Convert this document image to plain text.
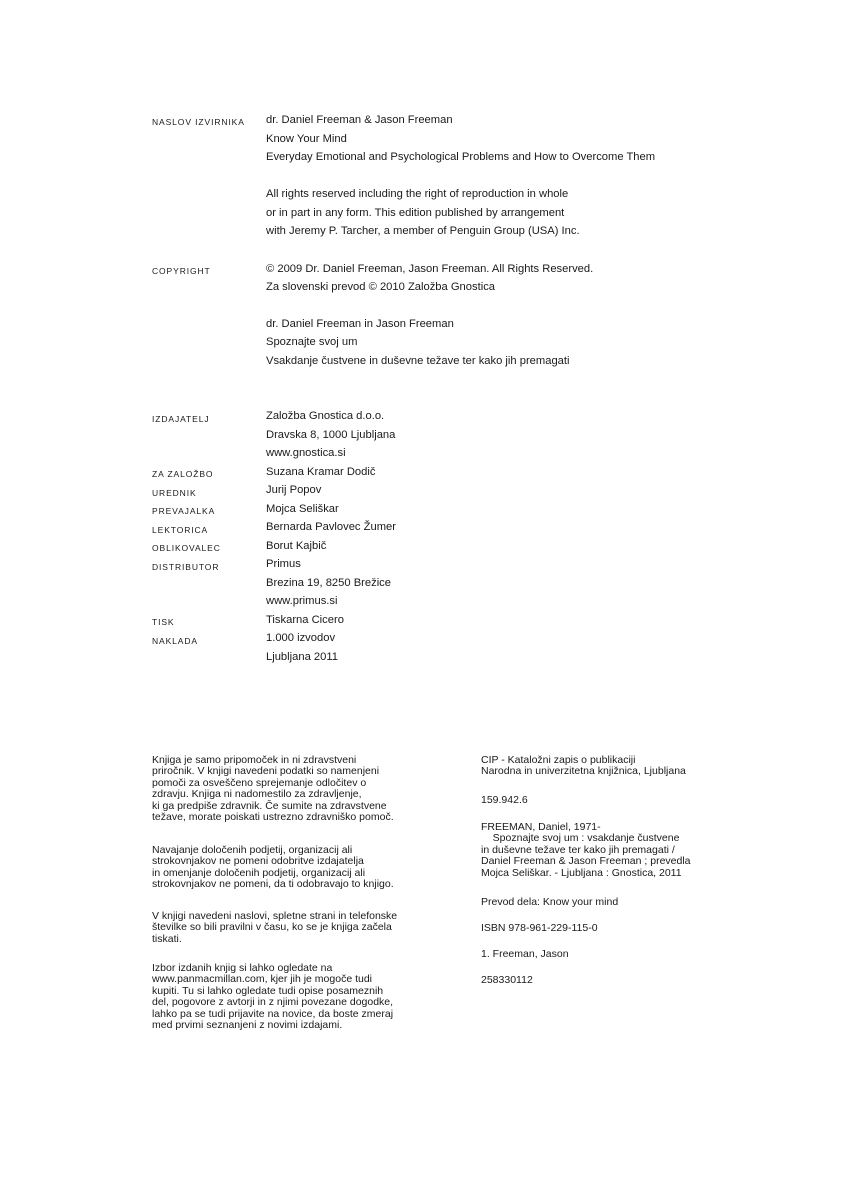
NASLOV IZVIRNIKA dr. Daniel Freeman & Jason Freeman
Know Your Mind
Everyday Emotional and Psychological Problems and How to Overcome Them
All rights reserved including the right of reproduction in whole
or in part in any form. This edition published by arrangement
with Jeremy P. Tarcher, a member of Penguin Group (USA) Inc.
COPYRIGHT	© 2009 Dr. Daniel Freeman, Jason Freeman. All Rights Reserved.
Za slovenski prevod © 2010 Založba Gnostica
dr. Daniel Freeman in Jason Freeman
Spoznajte svoj um
Vsakdanje čustvene in duševne težave ter kako jih premagati
IZDAJATELJ	Založba Gnostica d.o.o.
Dravska 8, 1000 Ljubljana
www.gnostica.si
ZA ZALOŽBO	Suzana Kramar Dodič
UREDNIK	Jurij Popov
PREVAJALKA	Mojca Seliškar
LEKTORICA	Bernarda Pavlovec Žumer
OBLIKOVALEC	Borut Kajbič
DISTRIBUTOR	Primus
Brezina 19, 8250 Brežice
www.primus.si
TISK	Tiskarna Cicero
NAKLADA	1.000 izvodov
Ljubljana 2011
Knjiga je samo pripomoček in ni zdravstveni
priročnik. V knjigi navedeni podatki so namenjeni
pomoči za osveščeno sprejemanje odločitev o
zdravju. Knjiga ni nadomestilo za zdravljenje,
ki ga predpiše zdravnik. Če sumite na zdravstvene
težave, morate poiskati ustrezno zdravniško pomoč.
Navajanje določenih podjetij, organizacij ali
strokovnjakov ne pomeni odobritve izdajatelja
in omenjanje določenih podjetij, organizacij ali
strokovnjakov ne pomeni, da ti odobravajo to knjigo.
V knjigi navedeni naslovi, spletne strani in telefonske
številke so bili pravilni v času, ko se je knjiga začela
tiskati.
Izbor izdanih knjig si lahko ogledate na
www.panmacmillan.com, kjer jih je mogoče tudi
kupiti. Tu si lahko ogledate tudi opise posameznih
del, pogovore z avtorji in z njimi povezane dogodke,
lahko pa se tudi prijavite na novice, da boste zmeraj
med prvimi seznanjeni z novimi izdajami.
CIP - Kataložni zapis o publikaciji
Narodna in univerzitetna knjižnica, Ljubljana
159.942.6
FREEMAN, Daniel, 1971-
Spoznajte svoj um : vsakdanje čustvene
in duševne težave ter kako jih premagati /
Daniel Freeman & Jason Freeman ; prevedla
Mojca Seliškar. - Ljubljana : Gnostica, 2011
Prevod dela: Know your mind
ISBN 978-961-229-115-0
1. Freeman, Jason
258330112
